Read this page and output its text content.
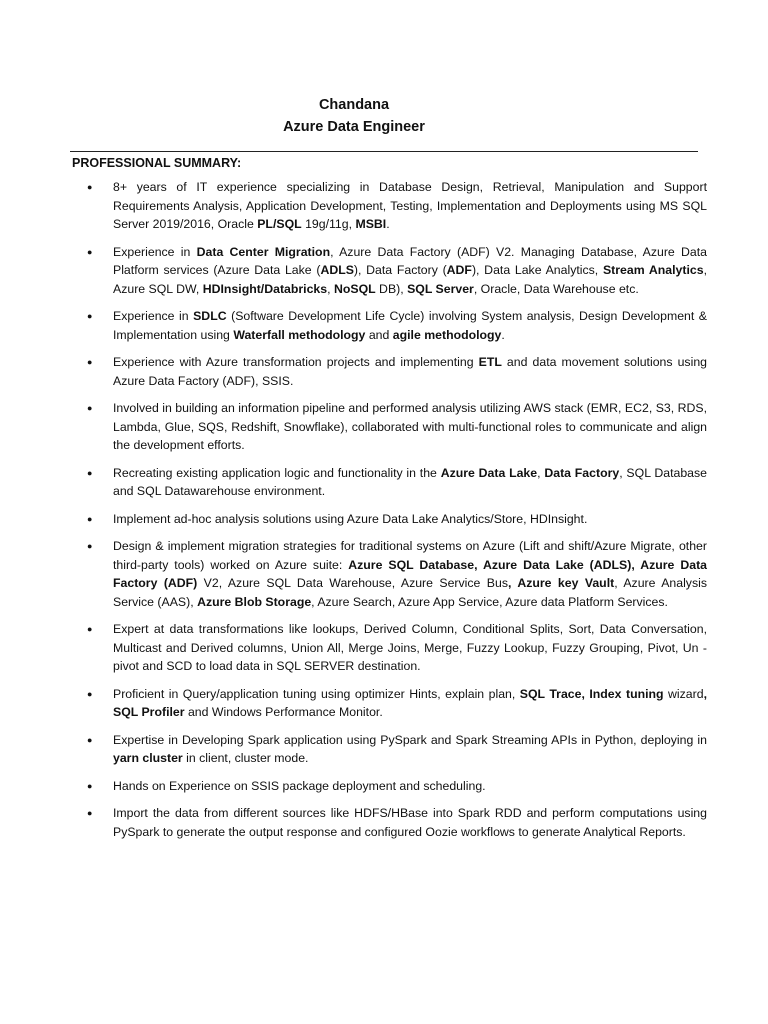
Chandana

Azure Data Engineer

PROFESSIONAL SUMMARY:

● 8+ years of IT experience specializing in Database Design, Retrieval, Manipulation and Support Requirements Analysis, Application Development, Testing, Implementation and Deployments using MS SQL Server 2019/2016, Oracle PL/SQL 19g/11g, MSBI.
● Experience in Data Center Migration, Azure Data Factory (ADF) V2. Managing Database, Azure Data Platform services (Azure Data Lake (ADLS), Data Factory (ADF), Data Lake Analytics, Stream Analytics, Azure SQL DW, HDInsight/Databricks, NoSQL DB), SQL Server, Oracle, Data Warehouse etc.
● Experience in SDLC (Software Development Life Cycle) involving System analysis, Design Development & Implementation using Waterfall methodology and agile methodology.
● Experience with Azure transformation projects and implementing ETL and data movement solutions using Azure Data Factory (ADF), SSIS.
● Involved in building an information pipeline and performed analysis utilizing AWS stack (EMR, EC2, S3, RDS, Lambda, Glue, SQS, Redshift, Snowflake), collaborated with multi-functional roles to communicate and align the development efforts.
● Recreating existing application logic and functionality in the Azure Data Lake, Data Factory, SQL Database and SQL Datawarehouse environment.
● Implement ad-hoc analysis solutions using Azure Data Lake Analytics/Store, HDInsight.
● Design & implement migration strategies for traditional systems on Azure (Lift and shift/Azure Migrate, other third-party tools) worked on Azure suite: Azure SQL Database, Azure Data Lake (ADLS), Azure Data Factory (ADF) V2, Azure SQL Data Warehouse, Azure Service Bus, Azure key Vault, Azure Analysis Service (AAS), Azure Blob Storage, Azure Search, Azure App Service, Azure data Platform Services.
● Expert at data transformations like lookups, Derived Column, Conditional Splits, Sort, Data Conversation, Multicast and Derived columns, Union All, Merge Joins, Merge, Fuzzy Lookup, Fuzzy Grouping, Pivot, Un - pivot and SCD to load data in SQL SERVER destination.
● Proficient in Query/application tuning using optimizer Hints, explain plan, SQL Trace, Index tuning wizard, SQL Profiler and Windows Performance Monitor.
● Expertise in Developing Spark application using PySpark and Spark Streaming APIs in Python, deploying in yarn cluster in client, cluster mode.
● Hands on Experience on SSIS package deployment and scheduling.
● Import the data from different sources like HDFS/HBase into Spark RDD and perform computations using PySpark to generate the output response and configured Oozie workflows to generate Analytical Reports.
